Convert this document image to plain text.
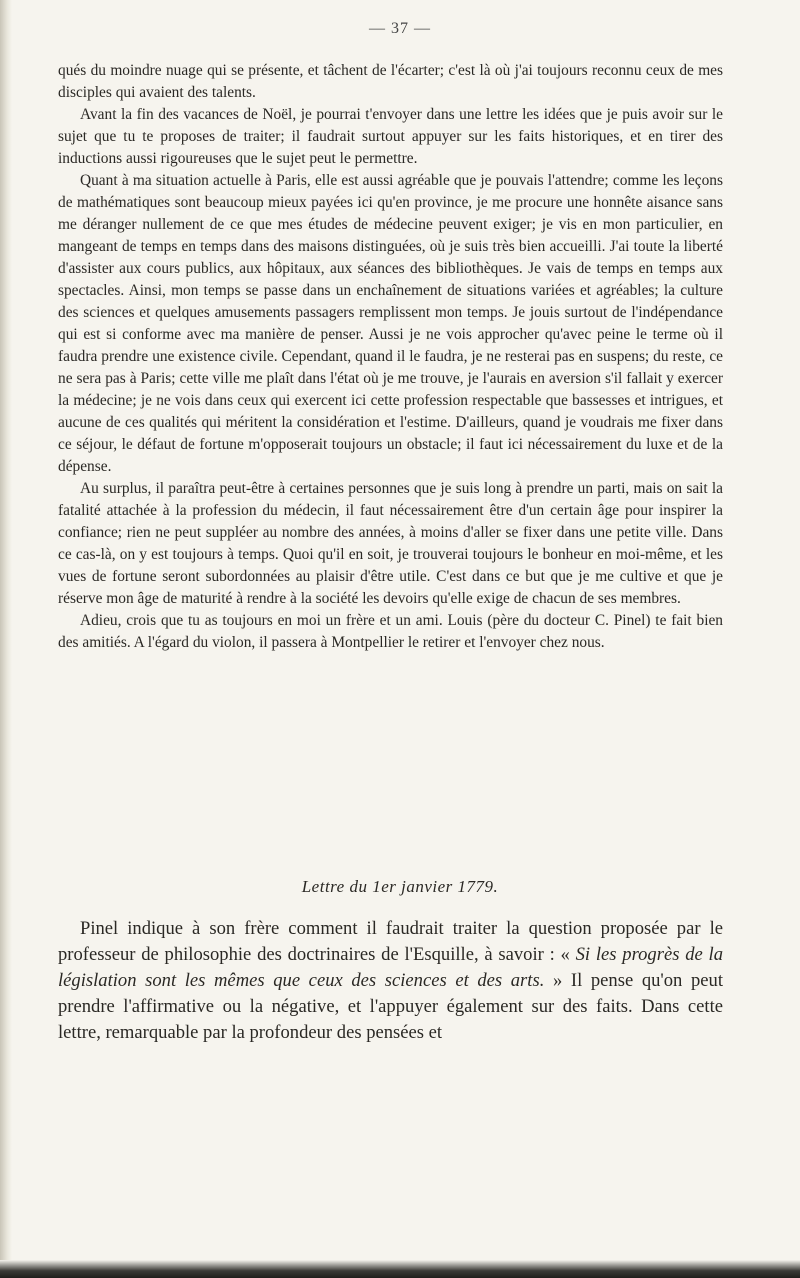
— 37 —

qués du moindre nuage qui se présente, et tâchent de l'écarter; c'est là où j'ai toujours reconnu ceux de mes disciples qui avaient des talents.

Avant la fin des vacances de Noël, je pourrai t'envoyer dans une lettre les idées que je puis avoir sur le sujet que tu te proposes de traiter; il faudrait surtout appuyer sur les faits historiques, et en tirer des inductions aussi rigoureuses que le sujet peut le permettre.

Quant à ma situation actuelle à Paris, elle est aussi agréable que je pouvais l'attendre; comme les leçons de mathématiques sont beaucoup mieux payées ici qu'en province, je me procure une honnête aisance sans me déranger nullement de ce que mes études de médecine peuvent exiger; je vis en mon particulier, en mangeant de temps en temps dans des maisons distinguées, où je suis très bien accueilli. J'ai toute la liberté d'assister aux cours publics, aux hôpitaux, aux séances des bibliothèques. Je vais de temps en temps aux spectacles. Ainsi, mon temps se passe dans un enchaînement de situations variées et agréables; la culture des sciences et quelques amusements passagers remplissent mon temps. Je jouis surtout de l'indépendance qui est si conforme avec ma manière de penser. Aussi je ne vois approcher qu'avec peine le terme où il faudra prendre une existence civile. Cependant, quand il le faudra, je ne resterai pas en suspens; du reste, ce ne sera pas à Paris; cette ville me plaît dans l'état où je me trouve, je l'aurais en aversion s'il fallait y exercer la médecine; je ne vois dans ceux qui exercent ici cette profession respectable que bassesses et intrigues, et aucune de ces qualités qui méritent la considération et l'estime. D'ailleurs, quand je voudrais me fixer dans ce séjour, le défaut de fortune m'opposerait toujours un obstacle; il faut ici nécessairement du luxe et de la dépense.

Au surplus, il paraîtra peut-être à certaines personnes que je suis long à prendre un parti, mais on sait la fatalité attachée à la profession du médecin, il faut nécessairement être d'un certain âge pour inspirer la confiance; rien ne peut suppléer au nombre des années, à moins d'aller se fixer dans une petite ville. Dans ce cas-là, on y est toujours à temps. Quoi qu'il en soit, je trouverai toujours le bonheur en moi-même, et les vues de fortune seront subordonnées au plaisir d'être utile. C'est dans ce but que je me cultive et que je réserve mon âge de maturité à rendre à la société les devoirs qu'elle exige de chacun de ses membres.

Adieu, crois que tu as toujours en moi un frère et un ami. Louis (père du docteur C. Pinel) te fait bien des amitiés. A l'égard du violon, il passera à Montpellier le retirer et l'envoyer chez nous.

Lettre du 1er janvier 1779.

Pinel indique à son frère comment il faudrait traiter la question proposée par le professeur de philosophie des doctrinaires de l'Esquille, à savoir : « Si les progrès de la législation sont les mêmes que ceux des sciences et des arts. » Il pense qu'on peut prendre l'affirmative ou la négative, et l'appuyer également sur des faits. Dans cette lettre, remarquable par la profondeur des pensées et
